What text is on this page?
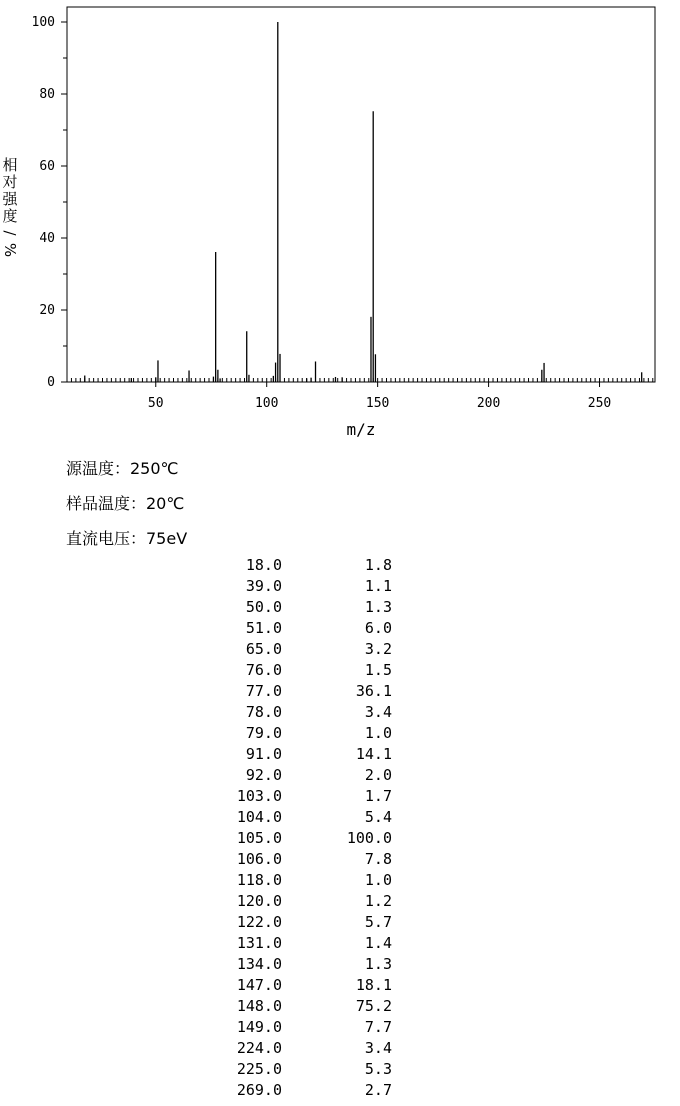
50	100	150	200	250
0
20
40
60
80
100
m/z
相
对
强
度
/
%
源温度：250℃
样品温度：20℃
直流电压：75eV
18.0	1.8
39.0	1.1
50.0	1.3
51.0	6.0
65.0	3.2
76.0	1.5
77.0	36.1
78.0	3.4
79.0	1.0
91.0	14.1
92.0	2.0
103.0	1.7
104.0	5.4
105.0	100.0
106.0	7.8
118.0	1.0
120.0	1.2
122.0	5.7
131.0	1.4
134.0	1.3
147.0	18.1
148.0	75.2
149.0	7.7
224.0	3.4
225.0	5.3
269.0	2.7
